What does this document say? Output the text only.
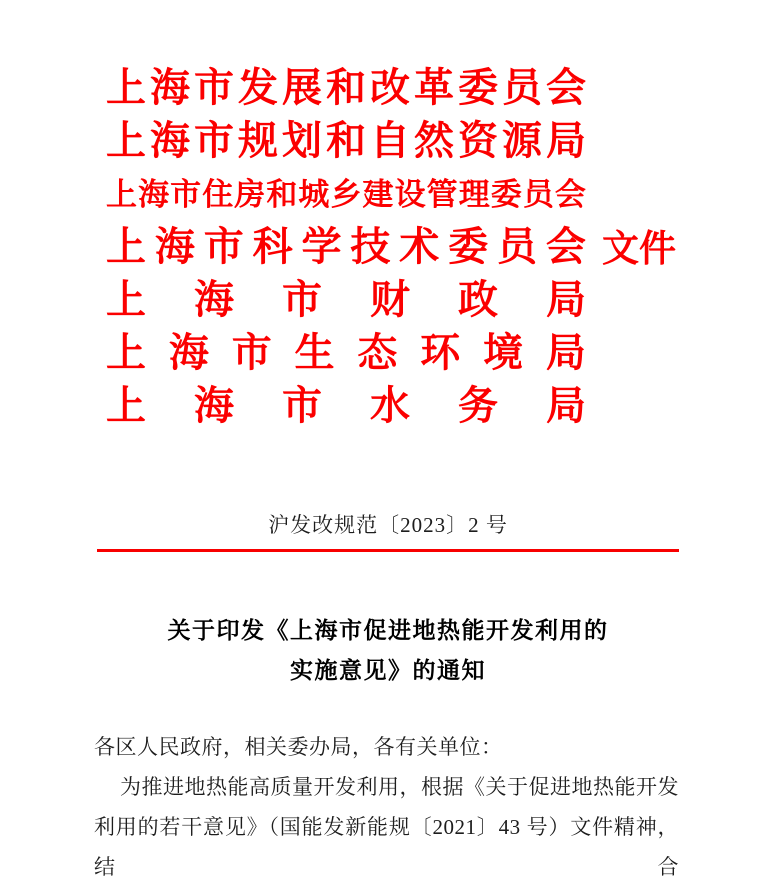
上 海 市 发 展 和 改 革 委 员 会
上 海 市 规 划 和 自 然 资 源 局
上 海 市 住 房 和 城 乡 建 设 管 理 委 员 会
上 海 市 科 学 技 术 委 员 会
上 海 市 财 政 局
上 海 市 生 态 环 境 局
上 海 市 水 务 局
文件
沪发改规范〔2023〕2 号
关于印发《上海市促进地热能开发利用的
实施意见》的通知
各区人民政府，相关委办局，各有关单位：
为推进地热能高质量开发利用，根据《关于促进地热能开发
利用的若干意见》（国能发新能规〔2021〕43 号）文件精神，结合
